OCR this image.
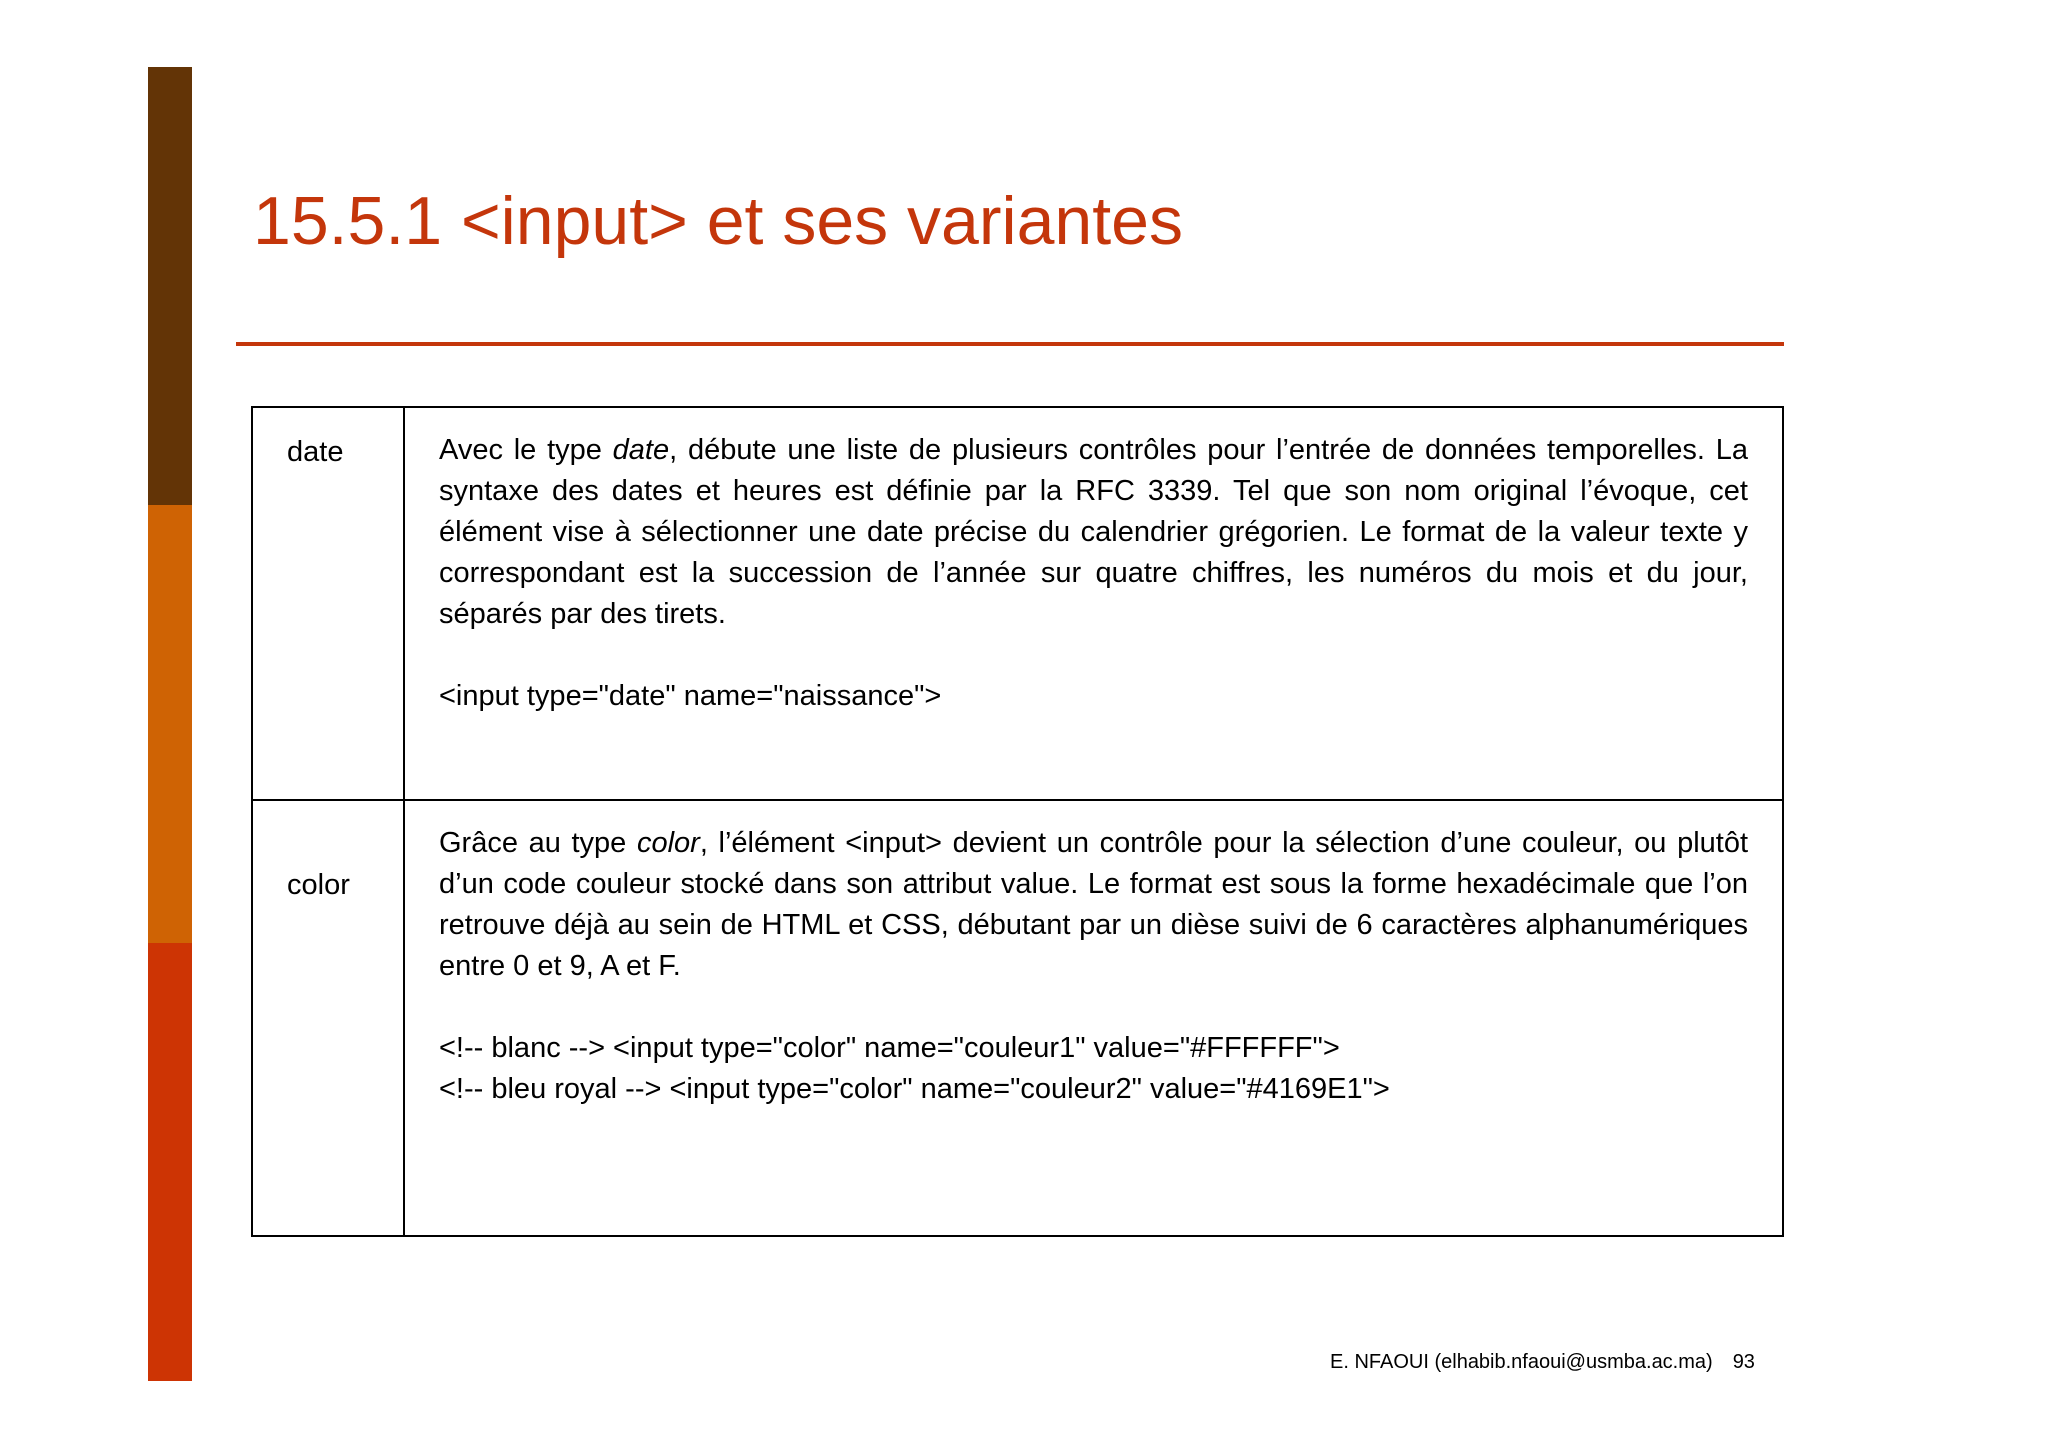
15.5.1 <input> et ses variantes
date	Avec le type date, débute une liste de plusieurs contrôles pour l’entrée de données temporelles. La syntaxe des dates et heures est définie par la RFC 3339. Tel que son nom original l’évoque, cet élément vise à sélectionner une date précise du calendrier grégorien. Le format de la valeur texte y correspondant est la succession de l’année sur quatre chiffres, les numéros du mois et du jour, séparés par des tirets.

<input type="date" name="naissance">

color	Grâce au type color, l’élément <input> devient un contrôle pour la sélection d’une couleur, ou plutôt d’un code couleur stocké dans son attribut value. Le format est sous la forme hexadécimale que l’on retrouve déjà au sein de HTML et CSS, débutant par un dièse suivi de 6 caractères alphanumériques entre 0 et 9, A et F.

<!-- blanc --> <input type="color" name="couleur1" value="#FFFFFF">
<!-- bleu royal --> <input type="color" name="couleur2" value="#4169E1">
E. NFAOUI (elhabib.nfaoui@usmba.ac.ma) 93
